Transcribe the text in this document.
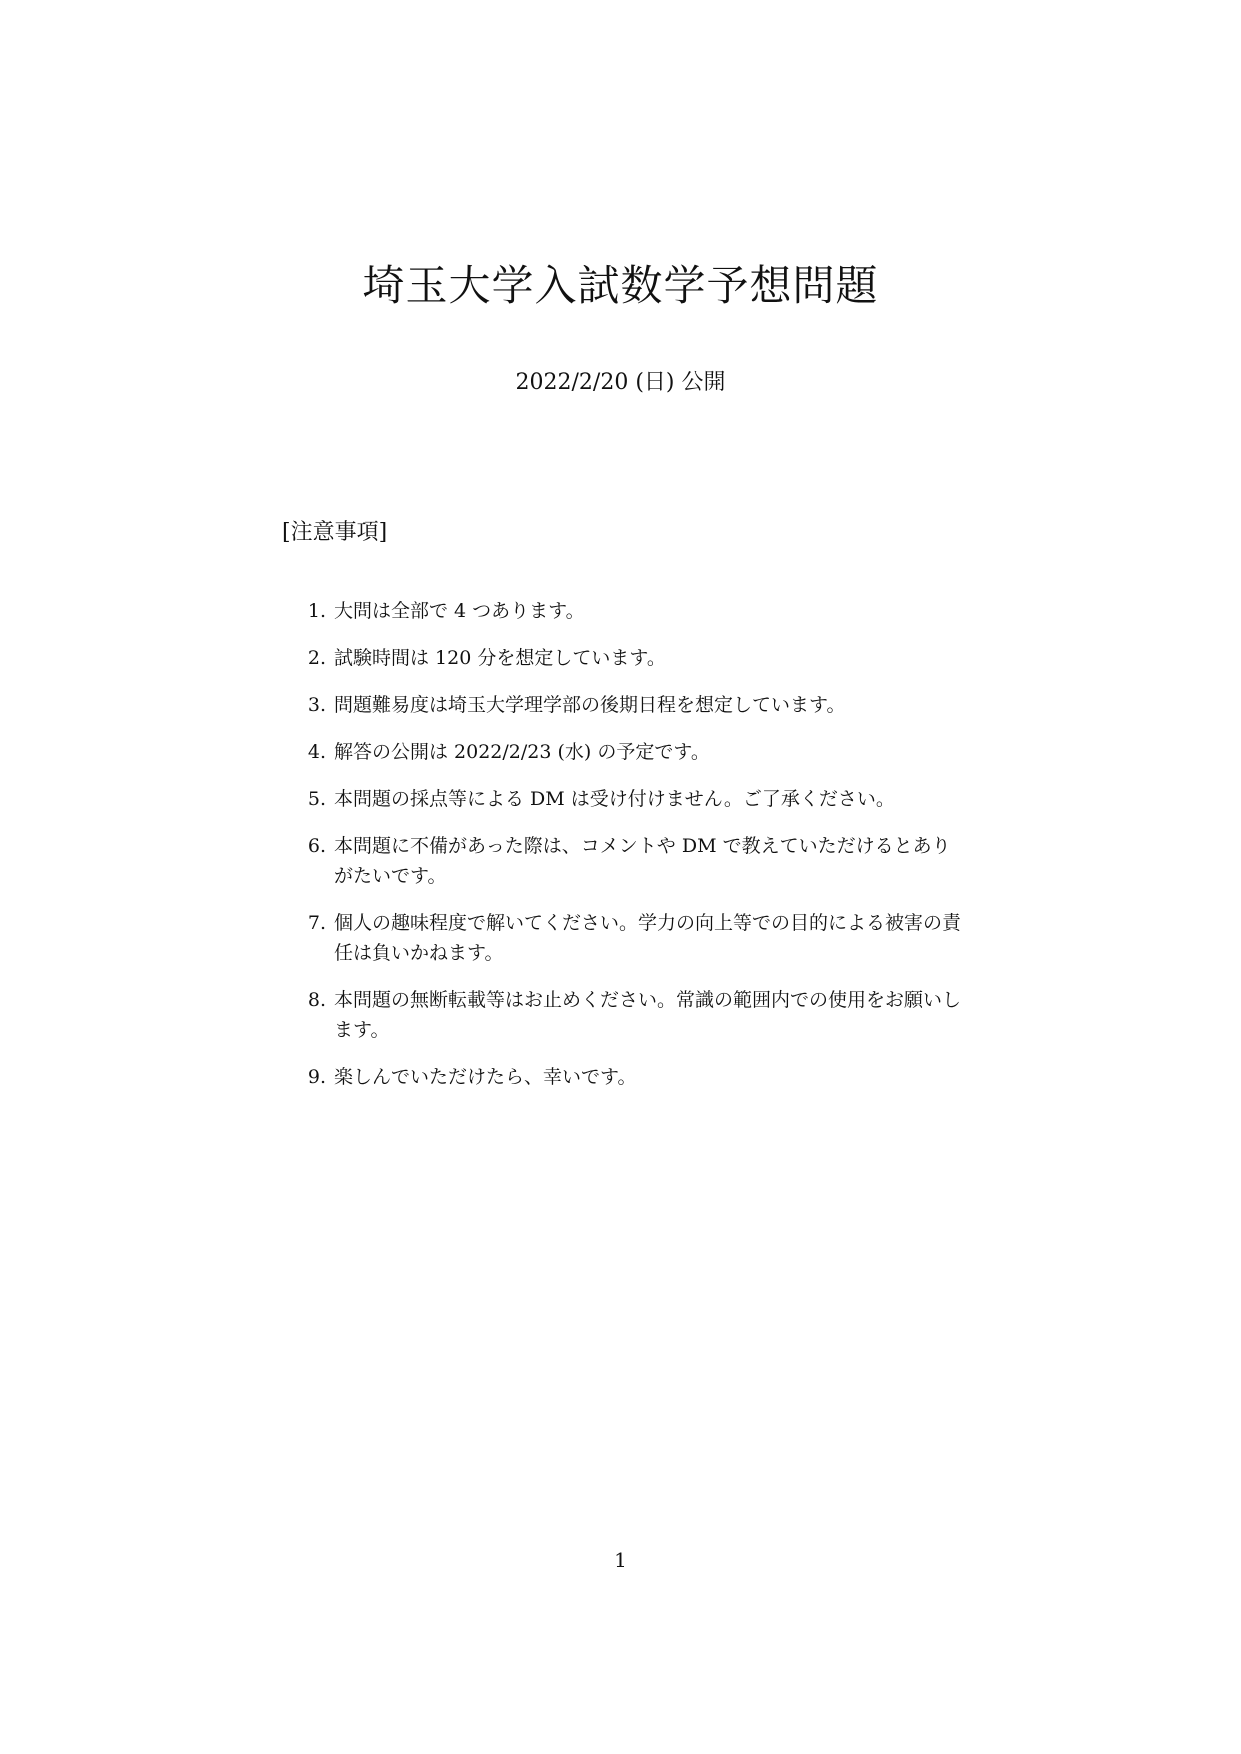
埼玉大学入試数学予想問題
2022/2/20 (日) 公開
[注意事項]
1. 大問は全部で 4 つあります。
2. 試験時間は 120 分を想定しています。
3. 問題難易度は埼玉大学理学部の後期日程を想定しています。
4. 解答の公開は 2022/2/23 (水) の予定です。
5. 本問題の採点等による DM は受け付けません。ご了承ください。
6. 本問題に不備があった際は、コメントや DM で教えていただけるとありがたいです。
7. 個人の趣味程度で解いてください。学力の向上等での目的による被害の責任は負いかねます。
8. 本問題の無断転載等はお止めください。常識の範囲内での使用をお願いします。
9. 楽しんでいただけたら、幸いです。
1
